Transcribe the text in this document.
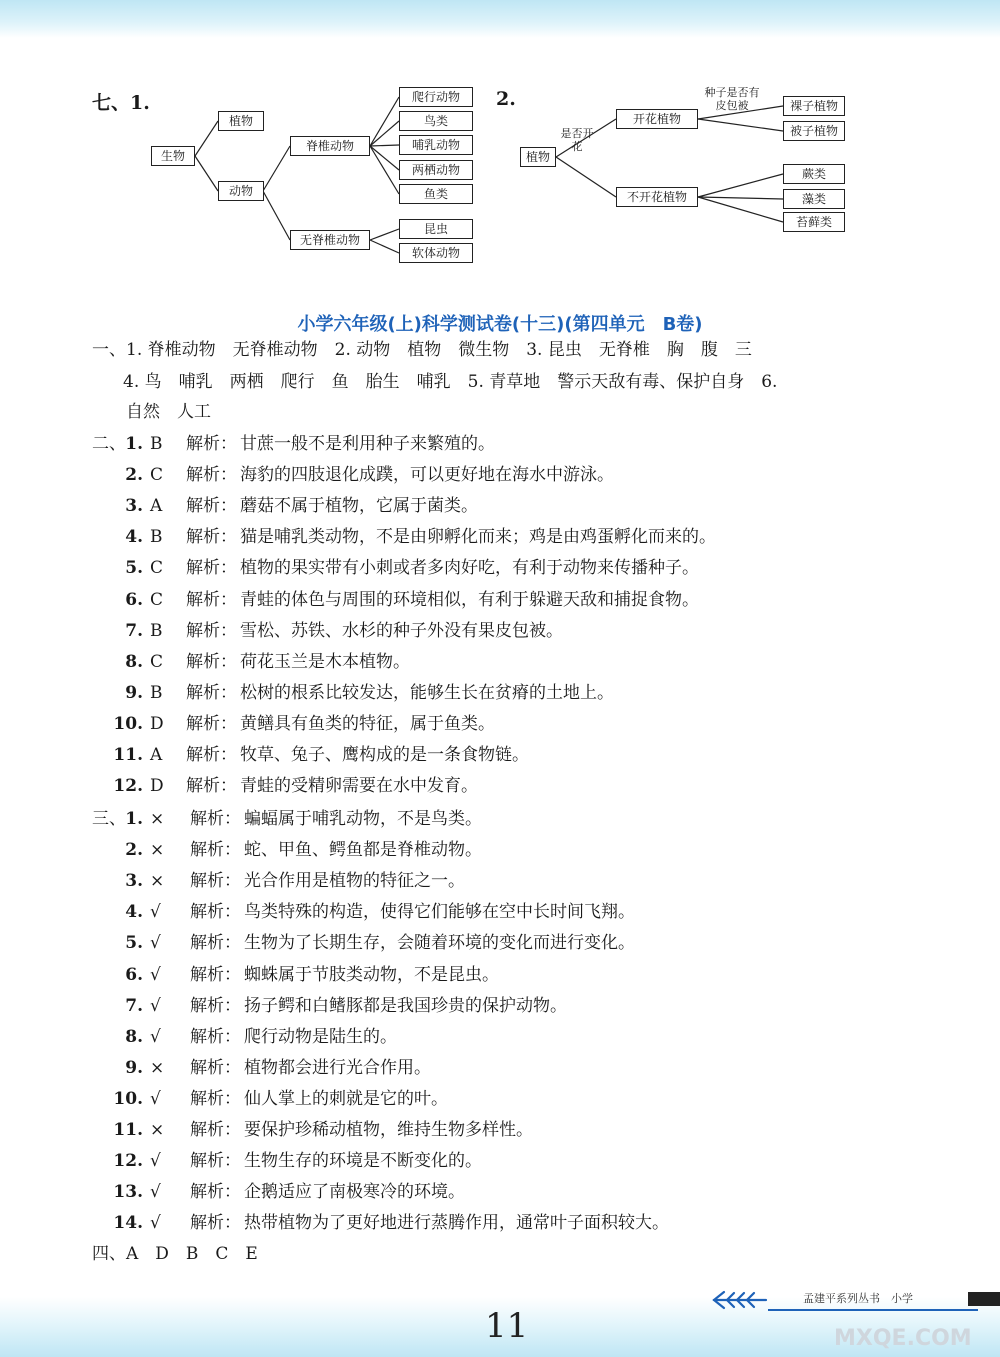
七、1.	2.
生物
植物
动物
脊椎动物
无脊椎动物
爬行动物
鸟类
哺乳动物
两栖动物
鱼类
昆虫
软体动物
植物
是否开花
开花植物
种子是否有皮包被
不开花植物
裸子植物
被子植物
蕨类
藻类
苔藓类
小学六年级(上)科学测试卷(十三)(第四单元　B卷)
一、1. 脊椎动物　无脊椎动物　2. 动物　植物　微生物　3. 昆虫　无脊椎　胸　腹　三
4. 鸟　哺乳　两栖　爬行　鱼　胎生　哺乳　5. 青草地　警示天敌有毒、保护自身　6.
自然　人工
二、 1. B 解析： 甘蔗一般不是利用种子来繁殖的。
2. C 解析： 海豹的四肢退化成蹼，可以更好地在海水中游泳。
3. A 解析： 蘑菇不属于植物，它属于菌类。
4. B 解析： 猫是哺乳类动物，不是由卵孵化而来；鸡是由鸡蛋孵化而来的。
5. C 解析： 植物的果实带有小刺或者多肉好吃，有利于动物来传播种子。
6. C 解析： 青蛙的体色与周围的环境相似，有利于躲避天敌和捕捉食物。
7. B 解析： 雪松、苏铁、水杉的种子外没有果皮包被。
8. C 解析： 荷花玉兰是木本植物。
9. B 解析： 松树的根系比较发达，能够生长在贫瘠的土地上。
10. D 解析： 黄鳝具有鱼类的特征，属于鱼类。
11. A 解析： 牧草、兔子、鹰构成的是一条食物链。
12. D 解析： 青蛙的受精卵需要在水中发育。
三、 1. × 解析： 蝙蝠属于哺乳动物，不是鸟类。
2. × 解析： 蛇、甲鱼、鳄鱼都是脊椎动物。
3. × 解析： 光合作用是植物的特征之一。
4. √ 解析： 鸟类特殊的构造，使得它们能够在空中长时间飞翔。
5. √ 解析： 生物为了长期生存，会随着环境的变化而进行变化。
6. √ 解析： 蜘蛛属于节肢类动物，不是昆虫。
7. √ 解析： 扬子鳄和白鳍豚都是我国珍贵的保护动物。
8. √ 解析： 爬行动物是陆生的。
9. × 解析： 植物都会进行光合作用。
10. √ 解析： 仙人掌上的刺就是它的叶。
11. × 解析： 要保护珍稀动植物，维持生物多样性。
12. √ 解析： 生物生存的环境是不断变化的。
13. √ 解析： 企鹅适应了南极寒冷的环境。
14. √ 解析： 热带植物为了更好地进行蒸腾作用，通常叶子面积较大。
四、A　D　B　C　E
孟建平系列丛书　小学
11	MXQE.COM
